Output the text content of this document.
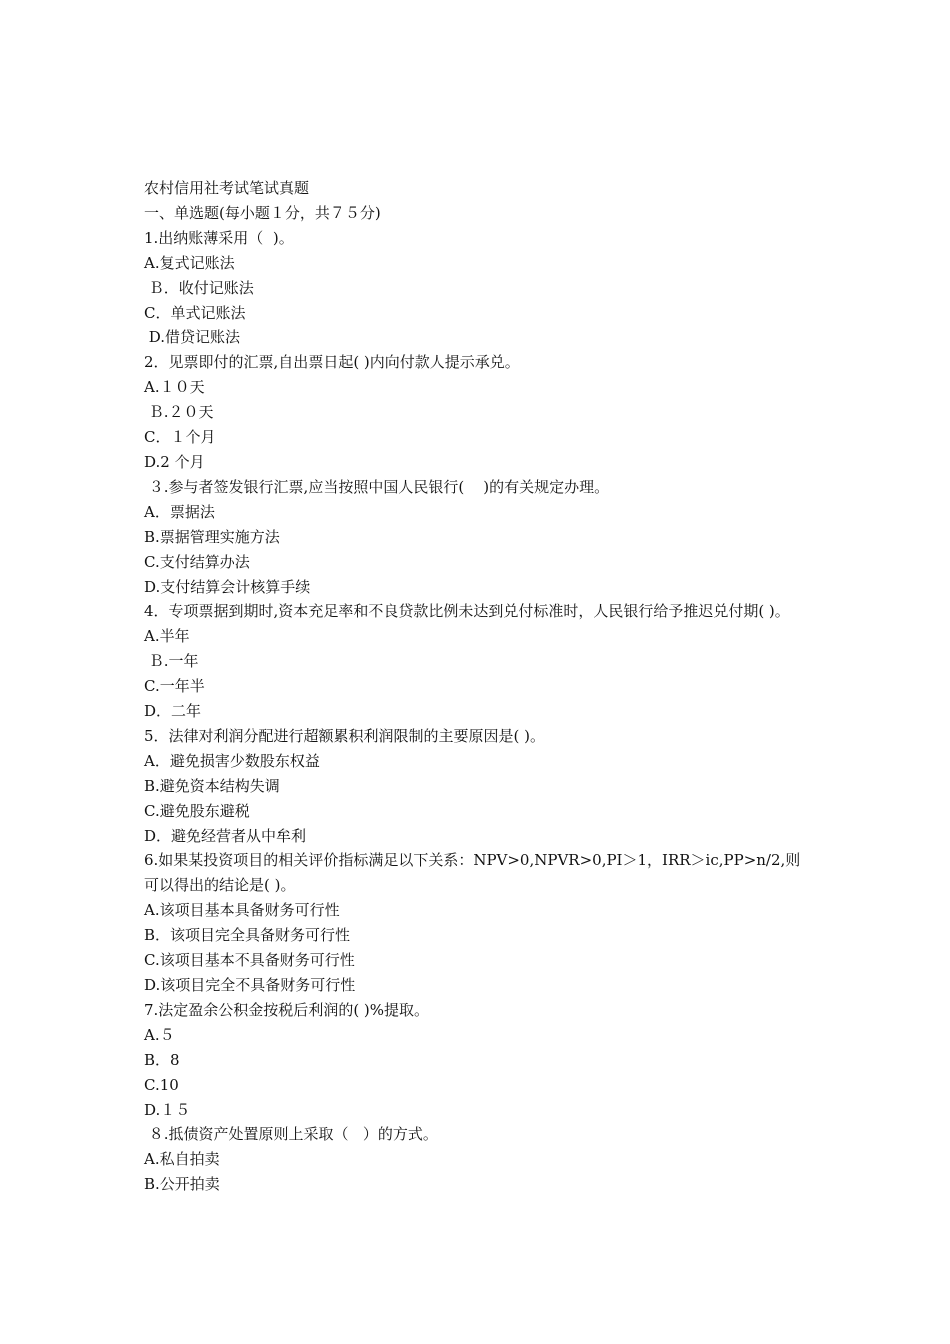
农村信用社考试笔试真题

一、单选题(每小题１分，共７５分)

1.出纳账薄采用（  )。

A.复式记账法

Ｂ．收付记账法

C．单式记账法

D.借贷记账法

2．见票即付的汇票,自出票日起( )内向付款人提示承兑。

A.１０天

Ｂ.２０天

C．１个月

D.2 个月

３.参与者签发银行汇票,应当按照中国人民银行(    )的有关规定办理。

A．票据法

B.票据管理实施方法

C.支付结算办法

D.支付结算会计核算手续

4．专项票据到期时,资本充足率和不良贷款比例未达到兑付标准时，人民银行给予推迟兑付期( )。

A.半年

Ｂ.一年

C.一年半

D．二年

5．法律对利润分配进行超额累积利润限制的主要原因是( )。

A．避免损害少数股东权益

B.避免资本结构失调

C.避免股东避税

D．避免经营者从中牟利

6.如果某投资项目的相关评价指标满足以下关系：NPV>0,NPVR>0,PI＞1，IRR＞ic,PP>n/2,则可以得出的结论是( )。

A.该项目基本具备财务可行性

B．该项目完全具备财务可行性

C.该项目基本不具备财务可行性

D.该项目完全不具备财务可行性

7.法定盈余公积金按税后利润的( )%提取。

A.５

B．8

C.10

D.１５

８.抵债资产处置原则上采取（   ）的方式。

A.私自拍卖

B.公开拍卖
